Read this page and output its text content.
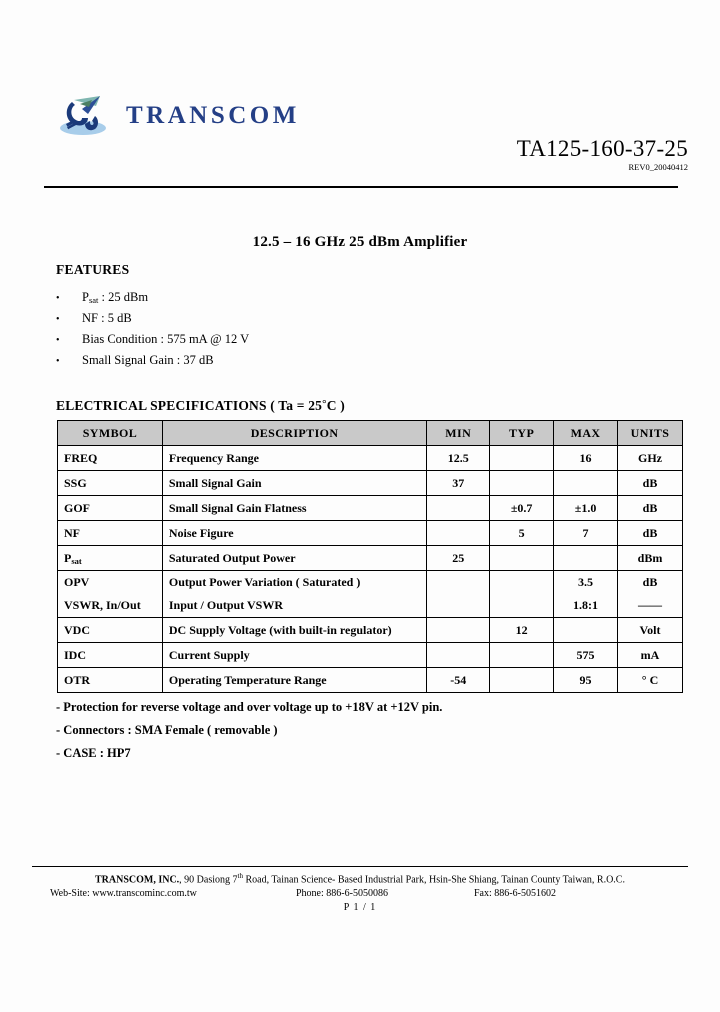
TRANSCOM
TA125-160-37-25
REV0_20040412
12.5 – 16 GHz 25 dBm Amplifier
FEATURES
•	$P_{sat}$ : 25 dBm
•	NF : 5 dB
•	Bias Condition : 575 mA @ 12 V
•	Small Signal Gain : 37 dB
ELECTRICAL SPECIFICATIONS ( Ta = 25°C )
SYMBOL	DESCRIPTION	MIN	TYP	MAX	UNITS
FREQ	Frequency Range	12.5		16	GHz
SSG	Small Signal Gain	37			dB
GOF	Small Signal Gain Flatness		±0.7	±1.0	dB
NF	Noise Figure		5	7	dB
$P_{sat}$	Saturated Output Power	25			dBm
OPV	Output Power Variation ( Saturated )			3.5	dB
VSWR, In/Out	Input / Output VSWR			1.8:1	——
VDC	DC Supply Voltage (with built-in regulator)		12		Volt
IDC	Current Supply			575	mA
OTR	Operating Temperature Range	-54		95	° C
- Protection for reverse voltage and over voltage up to +18V at +12V pin.
- Connectors : SMA Female ( removable )
- CASE : HP7
TRANSCOM, INC., 90 Dasiong 7th Road, Tainan Science- Based Industrial Park, Hsin-She Shiang, Tainan County Taiwan, R.O.C.
Web-Site: www.transcominc.com.tw	Phone: 886-6-5050086	Fax: 886-6-5051602
P 1 / 1
